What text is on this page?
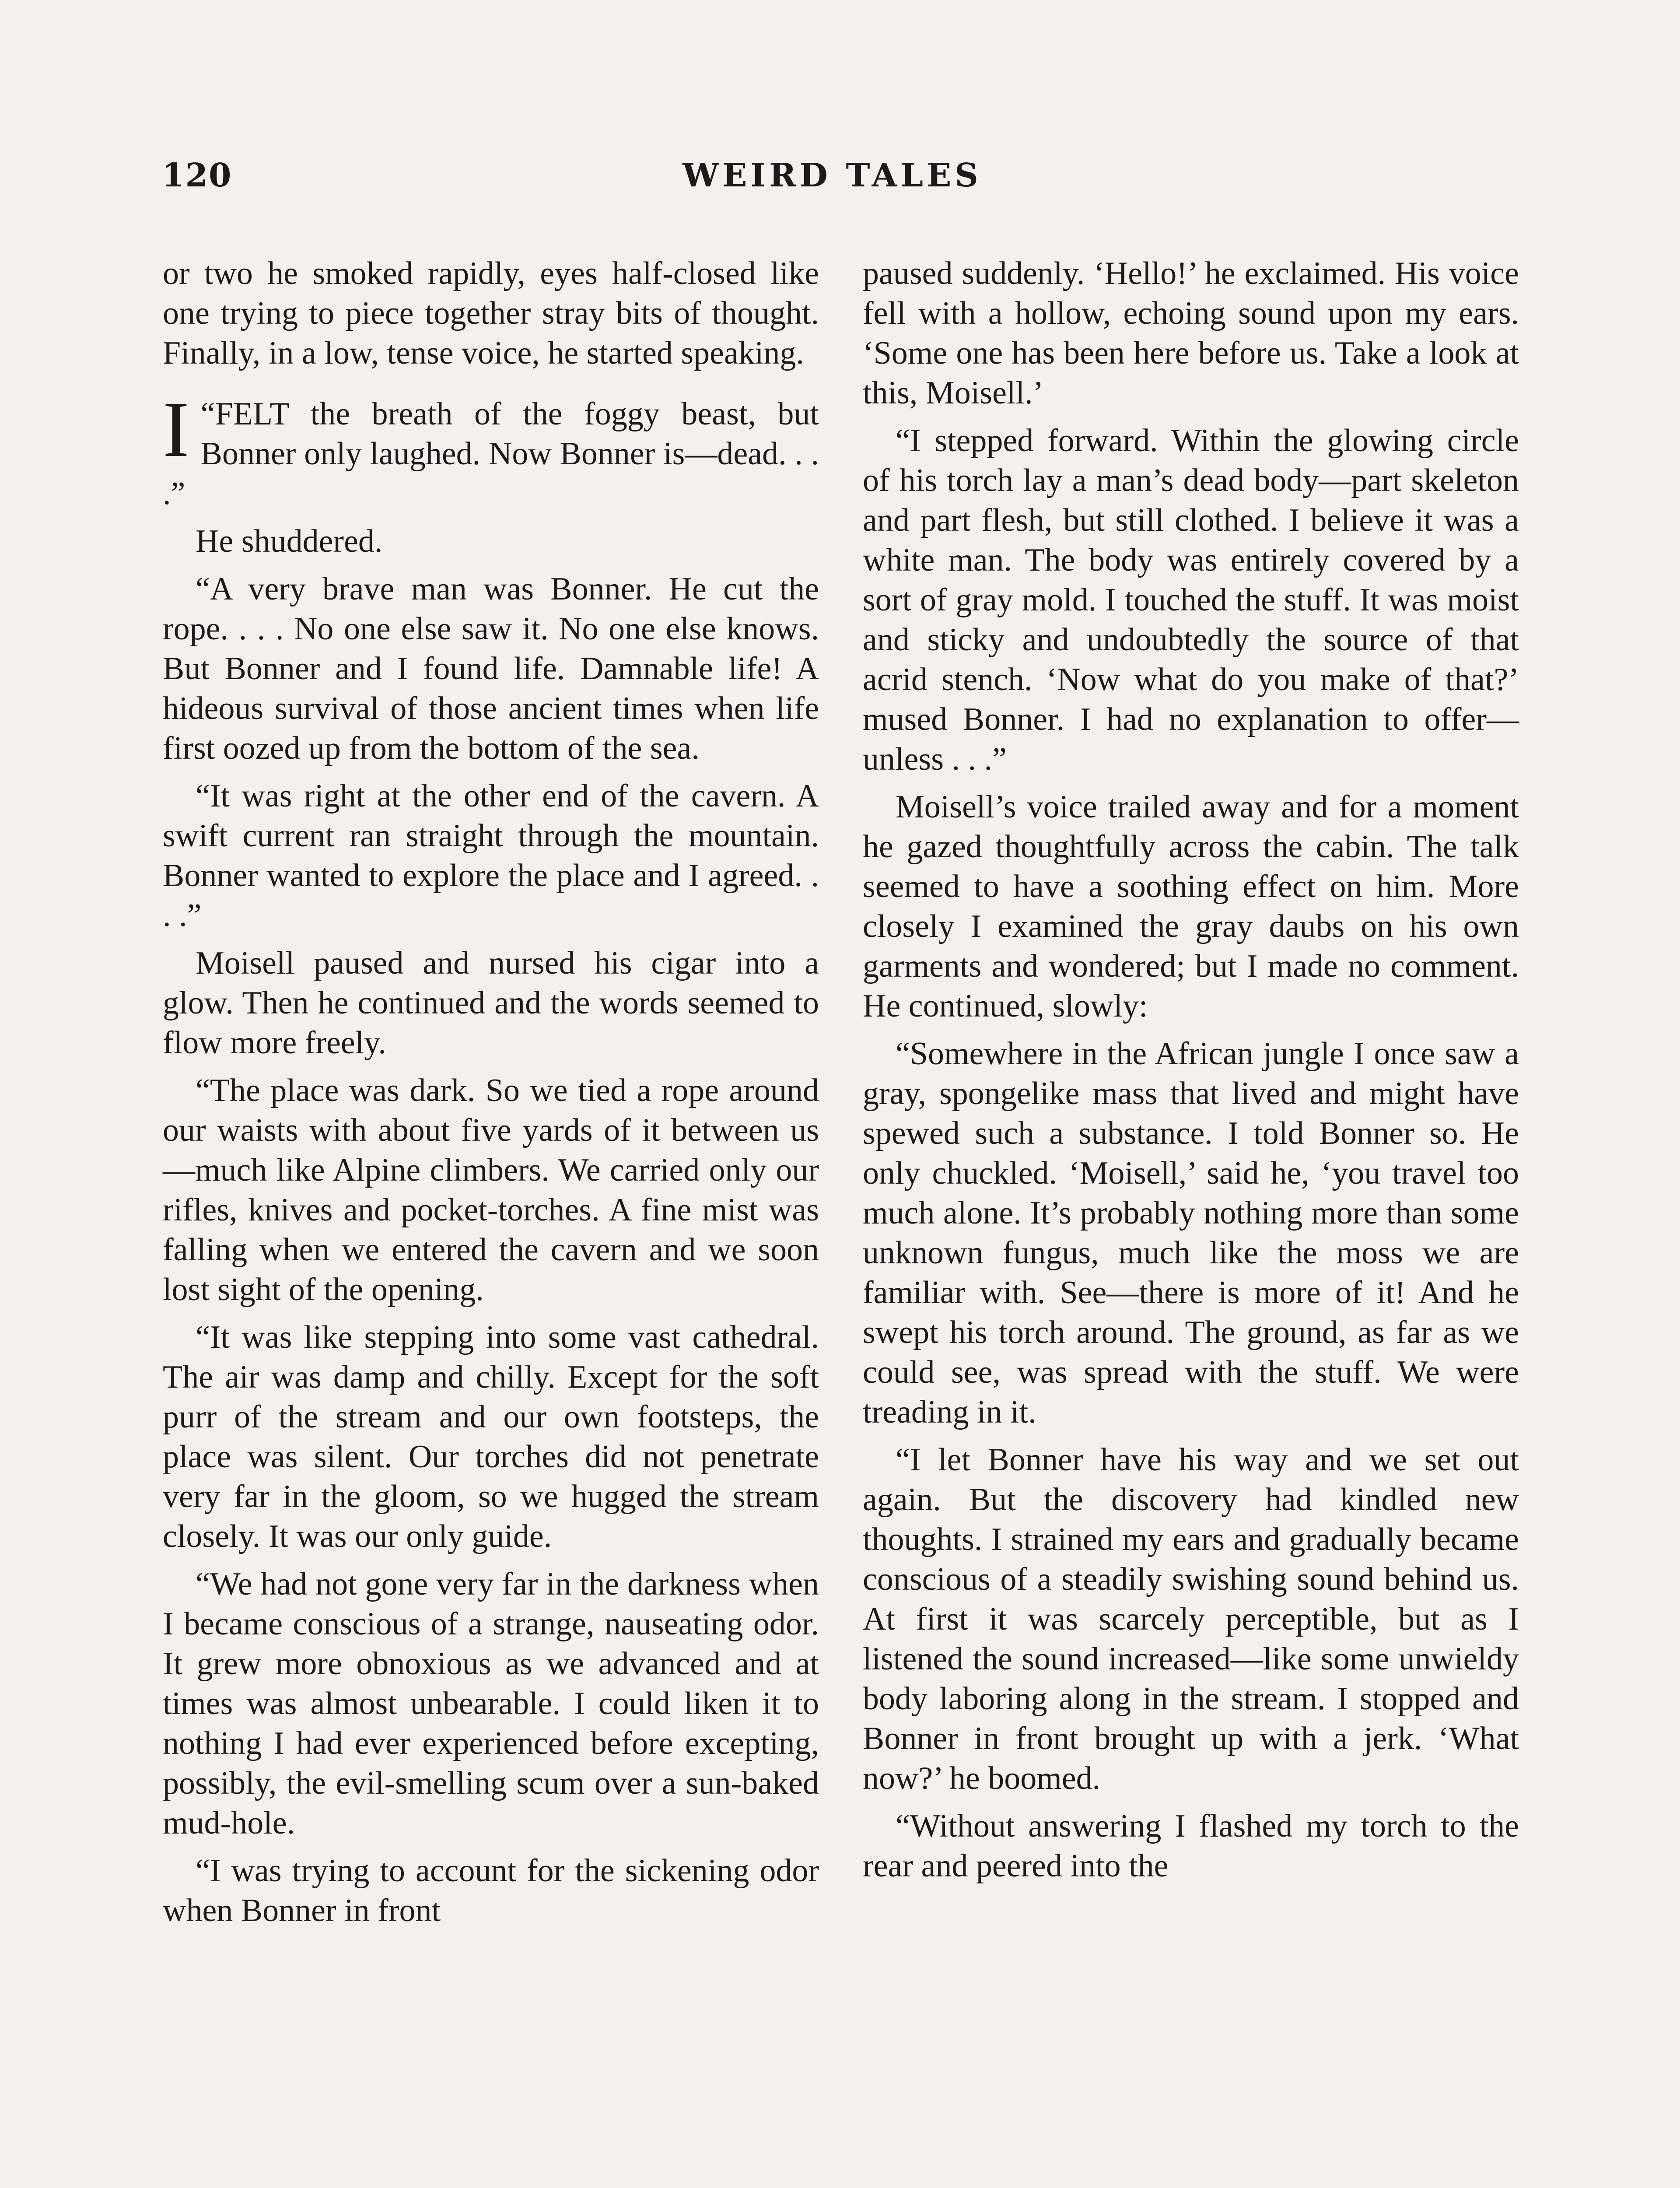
120	WEIRD TALES

or two he smoked rapidly, eyes half-closed like one trying to piece together stray bits of thought. Finally, in a low, tense voice, he started speaking.

“
I FELT the breath of the foggy beast, but Bonner only laughed. Now Bonner is—dead. . . .”

He shuddered.

“A very brave man was Bonner. He cut the rope. . . . No one else saw it. No one else knows. But Bonner and I found life. Damnable life! A hideous survival of those ancient times when life first oozed up from the bottom of the sea.

“It was right at the other end of the cavern. A swift current ran straight through the mountain. Bonner wanted to explore the place and I agreed. . . .”

Moisell paused and nursed his cigar into a glow. Then he continued and the words seemed to flow more freely.

“The place was dark. So we tied a rope around our waists with about five yards of it between us—much like Alpine climbers. We carried only our rifles, knives and pocket-torches. A fine mist was falling when we entered the cavern and we soon lost sight of the opening.

“It was like stepping into some vast cathedral. The air was damp and chilly. Except for the soft purr of the stream and our own footsteps, the place was silent. Our torches did not penetrate very far in the gloom, so we hugged the stream closely. It was our only guide.

“We had not gone very far in the darkness when I became conscious of a strange, nauseating odor. It grew more obnoxious as we advanced and at times was almost unbearable. I could liken it to nothing I had ever experienced before excepting, possibly, the evil-smelling scum over a sun-baked mud-hole.

“I was trying to account for the sickening odor when Bonner in front

paused suddenly. ‘Hello!’ he exclaimed. His voice fell with a hollow, echoing sound upon my ears. ‘Some one has been here before us. Take a look at this, Moisell.’

“I stepped forward. Within the glowing circle of his torch lay a man’s dead body—part skeleton and part flesh, but still clothed. I believe it was a white man. The body was entirely covered by a sort of gray mold. I touched the stuff. It was moist and sticky and undoubtedly the source of that acrid stench. ‘Now what do you make of that?’ mused Bonner. I had no explanation to offer—unless . . .”

Moisell’s voice trailed away and for a moment he gazed thoughtfully across the cabin. The talk seemed to have a soothing effect on him. More closely I examined the gray daubs on his own garments and wondered; but I made no comment. He continued, slowly:

“Somewhere in the African jungle I once saw a gray, spongelike mass that lived and might have spewed such a substance. I told Bonner so. He only chuckled. ‘Moisell,’ said he, ‘you travel too much alone. It’s probably nothing more than some unknown fungus, much like the moss we are familiar with. See—there is more of it! And he swept his torch around. The ground, as far as we could see, was spread with the stuff. We were treading in it.

“I let Bonner have his way and we set out again. But the discovery had kindled new thoughts. I strained my ears and gradually became conscious of a steadily swishing sound behind us. At first it was scarcely perceptible, but as I listened the sound increased—like some unwieldy body laboring along in the stream. I stopped and Bonner in front brought up with a jerk. ‘What now?’ he boomed.

“Without answering I flashed my torch to the rear and peered into the
